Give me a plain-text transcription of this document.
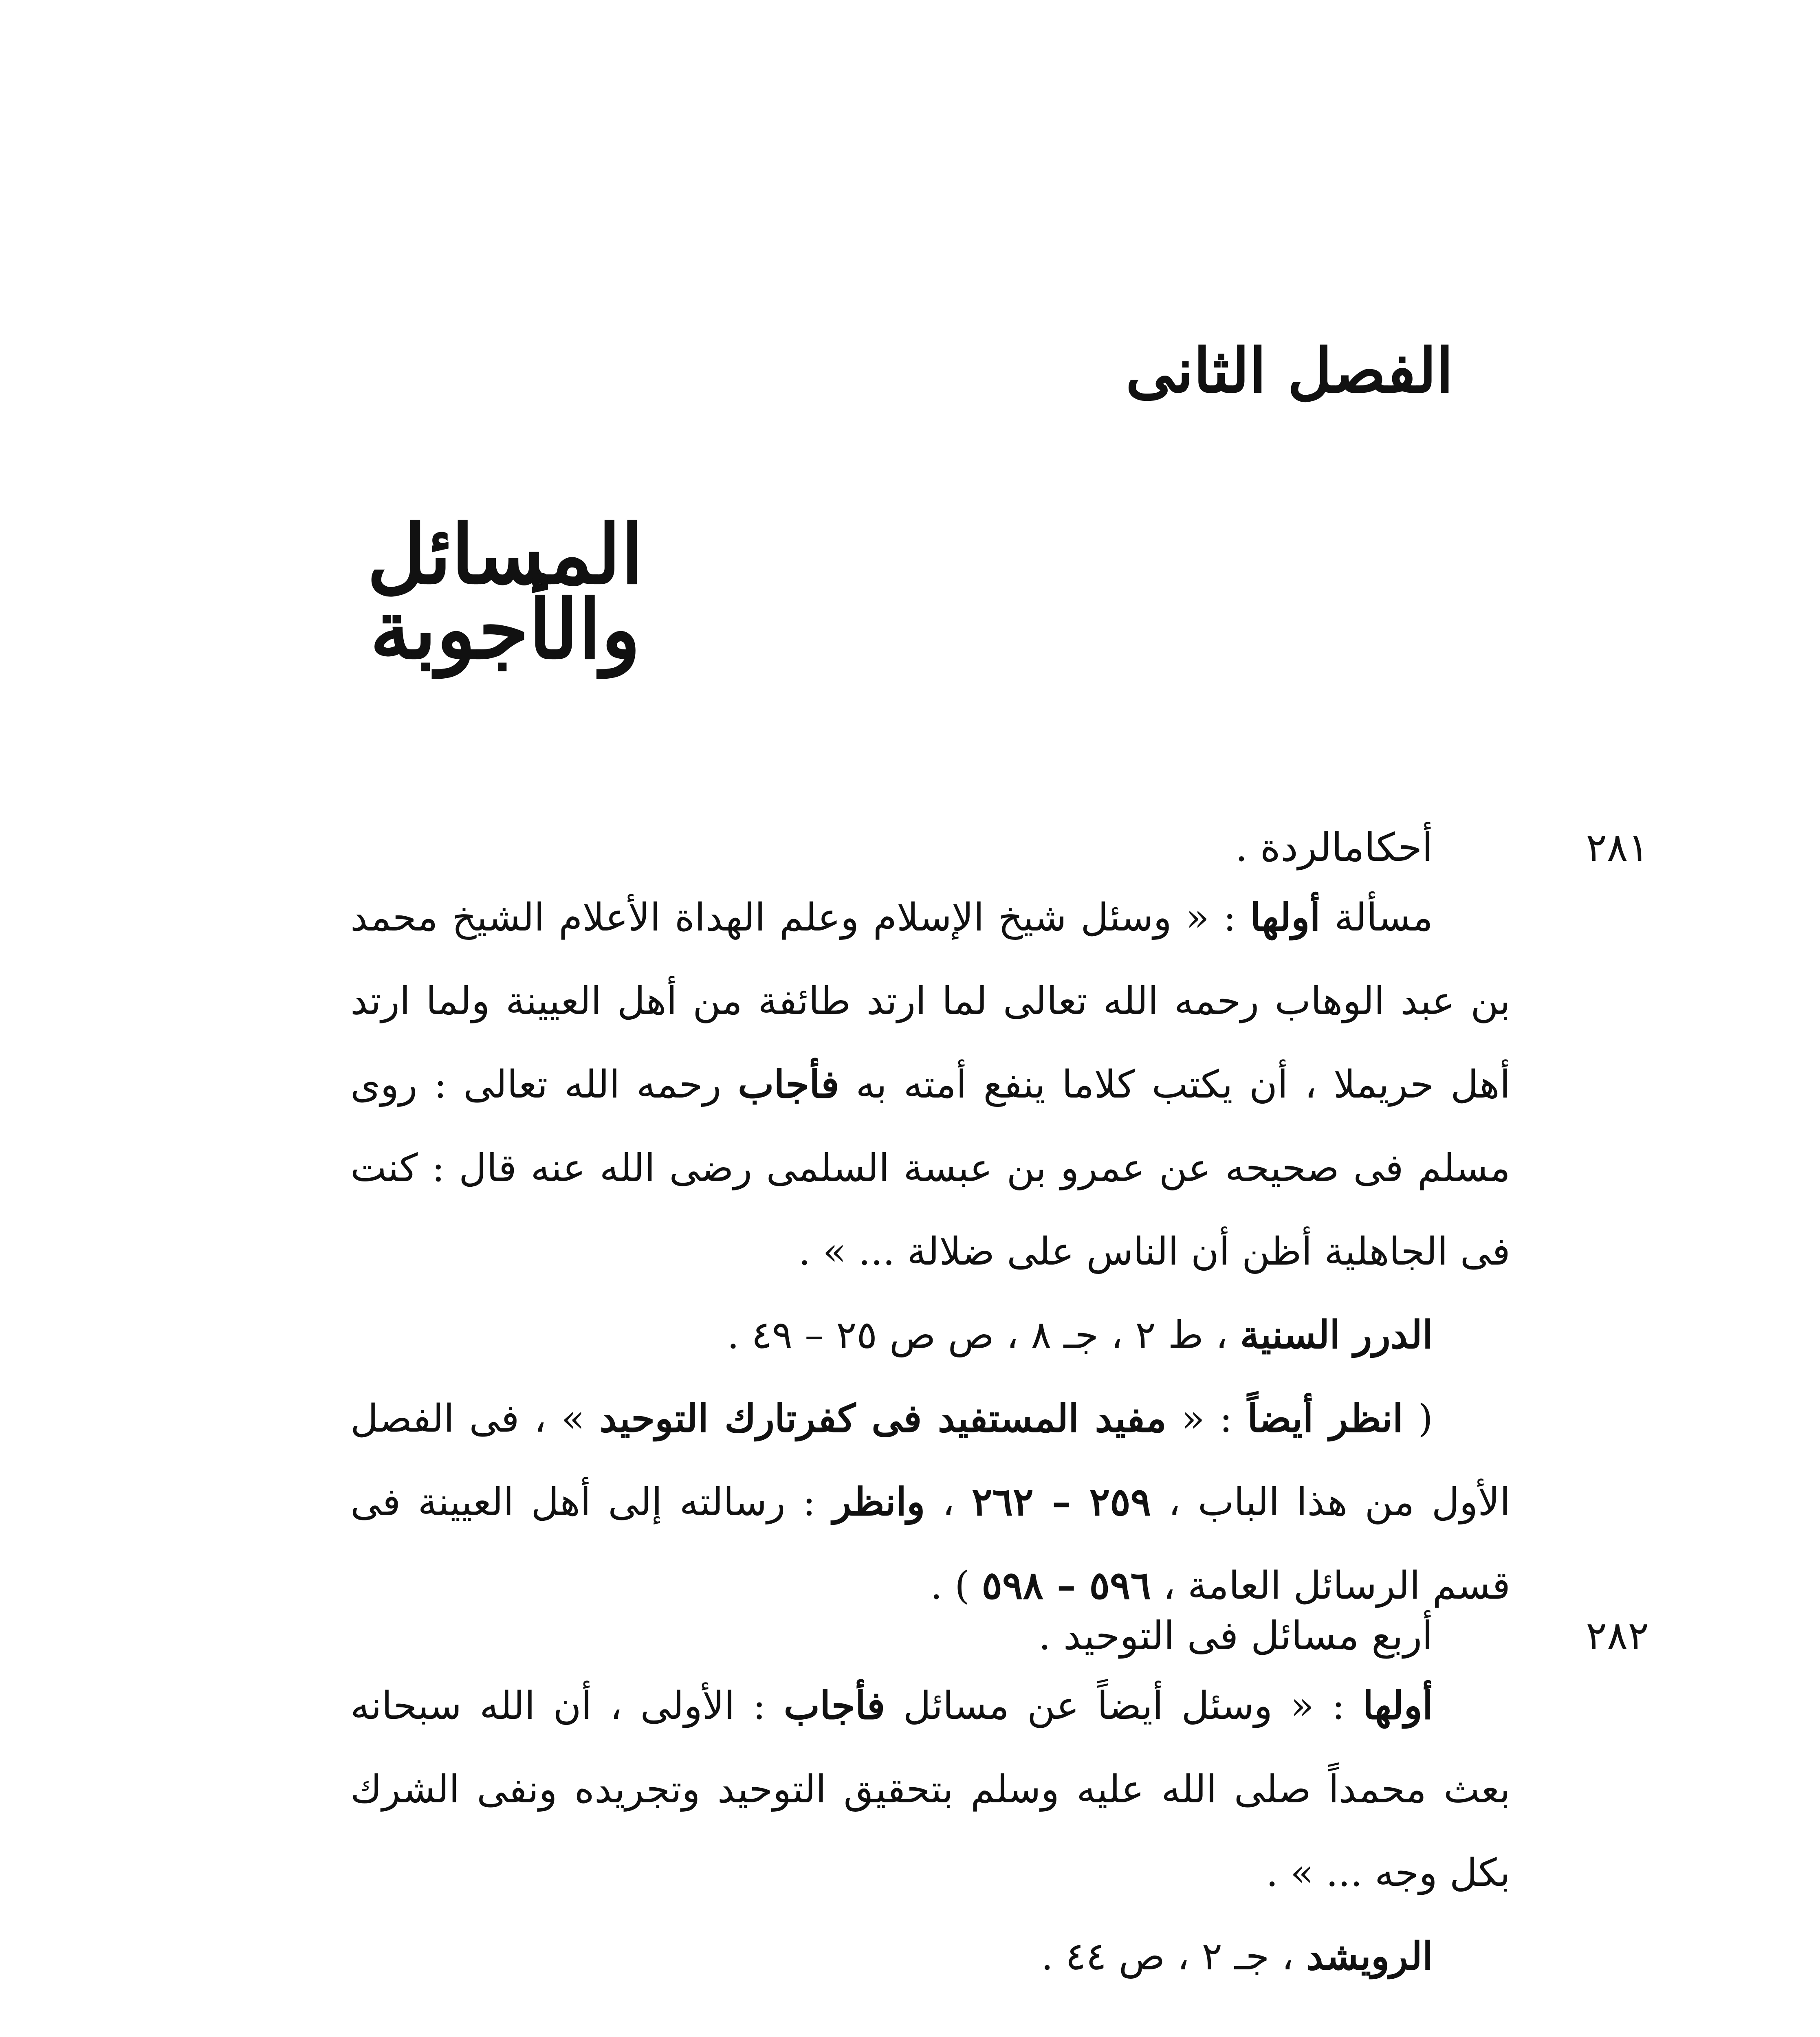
الفصل الثانى
المسائل
والأجوبة
٢٨١
أحكامالردة .

مسألة أولها : « وسئل شيخ الإسلام وعلم الهداة الأعلام الشيخ محمد بن عبد الوهاب رحمه الله تعالى لما ارتد طائفة من أهل العيينة ولما ارتد أهل حريملا ، أن يكتب كلاما ينفع أمته به فأجاب رحمه الله تعالى : روى مسلم فى صحيحه عن عمرو بن عبسة السلمى رضى الله عنه قال : كنت فى الجاهلية أظن أن الناس على ضلالة ... » .

الدرر السنية ، ط ٢ ، جـ ٨ ، ص ص ٢٥ – ٤٩ .

( انظر أيضاً : « مفيد المستفيد فى كفرتارك التوحيد » ، فى الفصل الأول من هذا الباب ، ٢٥٩ – ٢٦٢ ، وانظر : رسالته إلى أهل العيينة فى قسم الرسائل العامة ، ٥٩٦ – ٥٩٨ ) .

٢٨٢
أربع مسائل فى التوحيد .

أولها : « وسئل أيضاً عن مسائل فأجاب : الأولى ، أن الله سبحانه بعث محمداً صلى الله عليه وسلم بتحقيق التوحيد وتجريده ونفى الشرك بكل وجه ... » .

الرويشد ، جـ ٢ ، ص ٤٤ .
